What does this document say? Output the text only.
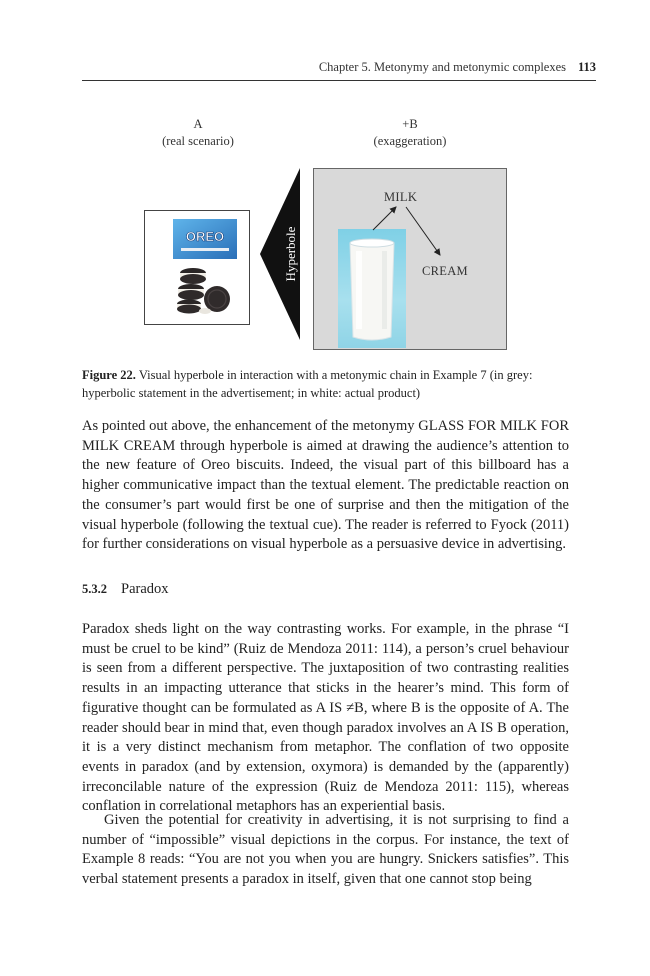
Chapter 5. Metonymy and metonymic complexes 113
A
(real scenario)
+B
(exaggeration)
OREO	Hyperbole
MILK
CREAM
Figure 22. Visual hyperbole in interaction with a metonymic chain in Example 7 (in grey: hyperbolic statement in the advertisement; in white: actual product)

As pointed out above, the enhancement of the metonymy GLASS FOR MILK FOR MILK CREAM through hyperbole is aimed at drawing the audience’s attention to the new feature of Oreo biscuits. Indeed, the visual part of this billboard has a higher communicative impact than the textual element. The predictable reaction on the consumer’s part would first be one of surprise and then the mitigation of the visual hyperbole (following the textual cue). The reader is referred to Fyock (2011) for further considerations on visual hyperbole as a persuasive device in advertising.

5.3.2 Paradox

Paradox sheds light on the way contrasting works. For example, in the phrase “I must be cruel to be kind” (Ruiz de Mendoza 2011: 114), a person’s cruel behaviour is seen from a different perspective. The juxtaposition of two contrasting realities results in an impacting utterance that sticks in the hearer’s mind. This form of figurative thought can be formulated as A IS ≠B, where B is the opposite of A. The reader should bear in mind that, even though paradox involves an A IS B operation, it is a very distinct mechanism from metaphor. The conflation of two opposite events in paradox (and by extension, oxymora) is demanded by the (apparently) irreconcilable nature of the expression (Ruiz de Mendoza 2011: 115), whereas conflation in correlational metaphors has an experiential basis.

Given the potential for creativity in advertising, it is not surprising to find a number of “impossible” visual depictions in the corpus. For instance, the text of Example 8 reads: “You are not you when you are hungry. Snickers satisfies”. This verbal statement presents a paradox in itself, given that one cannot stop being
